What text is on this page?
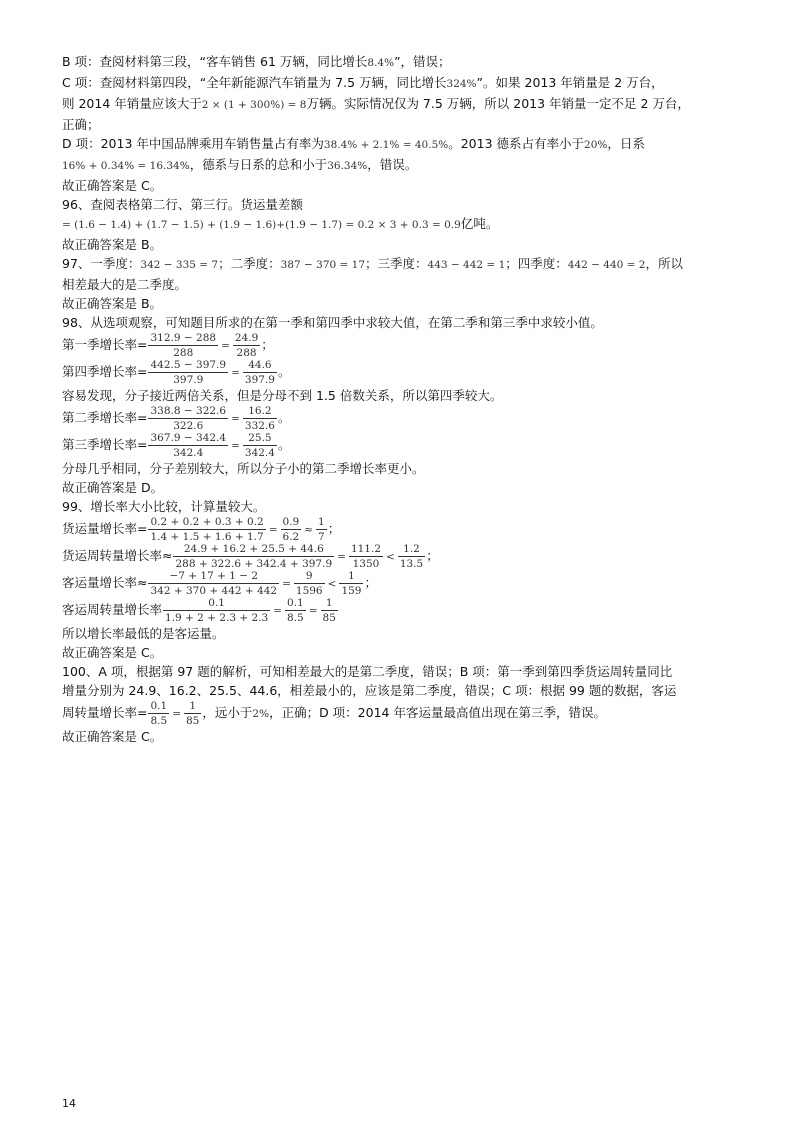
B 项：查阅材料第三段，“客车销售 61 万辆，同比增长8.4%”，错误；

C 项：查阅材料第四段，“全年新能源汽车销量为 7.5 万辆，同比增长324%”。如果 2013 年销量是 2 万台，

则 2014 年销量应该大于2 × (1 + 300%) = 8万辆。实际情况仅为 7.5 万辆，所以 2013 年销量一定不足 2 万台，

正确；

D 项：2013 年中国品牌乘用车销售量占有率为38.4% + 2.1% = 40.5%。2013 德系占有率小于20%，日系

16% + 0.34% = 16.34%，德系与日系的总和小于36.34%，错误。

故正确答案是 C。

96、查阅表格第二行、第三行。货运量差额

= (1.6 − 1.4) + (1.7 − 1.5) + (1.9 − 1.6)+(1.9 − 1.7) = 0.2 × 3 + 0.3 = 0.9亿吨。

故正确答案是 B。

97、一季度：342 − 335 = 7；二季度：387 − 370 = 17；三季度：443 − 442 = 1；四季度：442 − 440 = 2，所以

相差最大的是二季度。

故正确答案是 B。

98、从选项观察，可知题目所求的在第一季和第四季中求较大值，在第二季和第三季中求较小值。

第一季增长率= $\frac{312.9 - 288}{288} = \frac{24.9}{288}$ ；

第四季增长率= $\frac{442.5 - 397.9}{397.9} = \frac{44.6}{397.9}$ 。

容易发现，分子接近两倍关系，但是分母不到 1.5 倍数关系，所以第四季较大。

第二季增长率= $\frac{338.8 - 322.6}{322.6} = \frac{16.2}{332.6}$ 。

第三季增长率= $\frac{367.9 - 342.4}{342.4} = \frac{25.5}{342.4}$ 。

分母几乎相同，分子差别较大，所以分子小的第二季增长率更小。

故正确答案是 D。

99、增长率大小比较，计算量较大。

货运量增长率= $\frac{0.2 + 0.2 + 0.3 + 0.2}{1.4 + 1.5 + 1.6 + 1.7} = \frac{0.9}{6.2} \approx \frac{1}{7}$ ；

货运周转量增长率≈ $\frac{24.9 + 16.2 + 25.5 + 44.6}{288 + 322.6 + 342.4 + 397.9} = \frac{111.2}{1350} < \frac{1.2}{13.5}$ ；

客运量增长率≈ $\frac{-7 + 17 + 1 - 2}{342 + 370 + 442 + 442} = \frac{9}{1596} < \frac{1}{159}$ ；

客运周转量增长率 $\frac{0.1}{1.9 + 2 + 2.3 + 2.3} = \frac{0.1}{8.5} = \frac{1}{85}$

所以增长率最低的是客运量。

故正确答案是 C。

100、A 项，根据第 97 题的解析，可知相差最大的是第二季度，错误；B 项：第一季到第四季货运周转量同比

增量分别为 24.9、16.2、25.5、44.6，相差最小的，应该是第二季度，错误；C 项：根据 99 题的数据，客运

周转量增长率= $\frac{0.1}{8.5} = \frac{1}{85}$ ，远小于2%，正确；D 项：2014 年客运量最高值出现在第三季，错误。

故正确答案是 C。

14
